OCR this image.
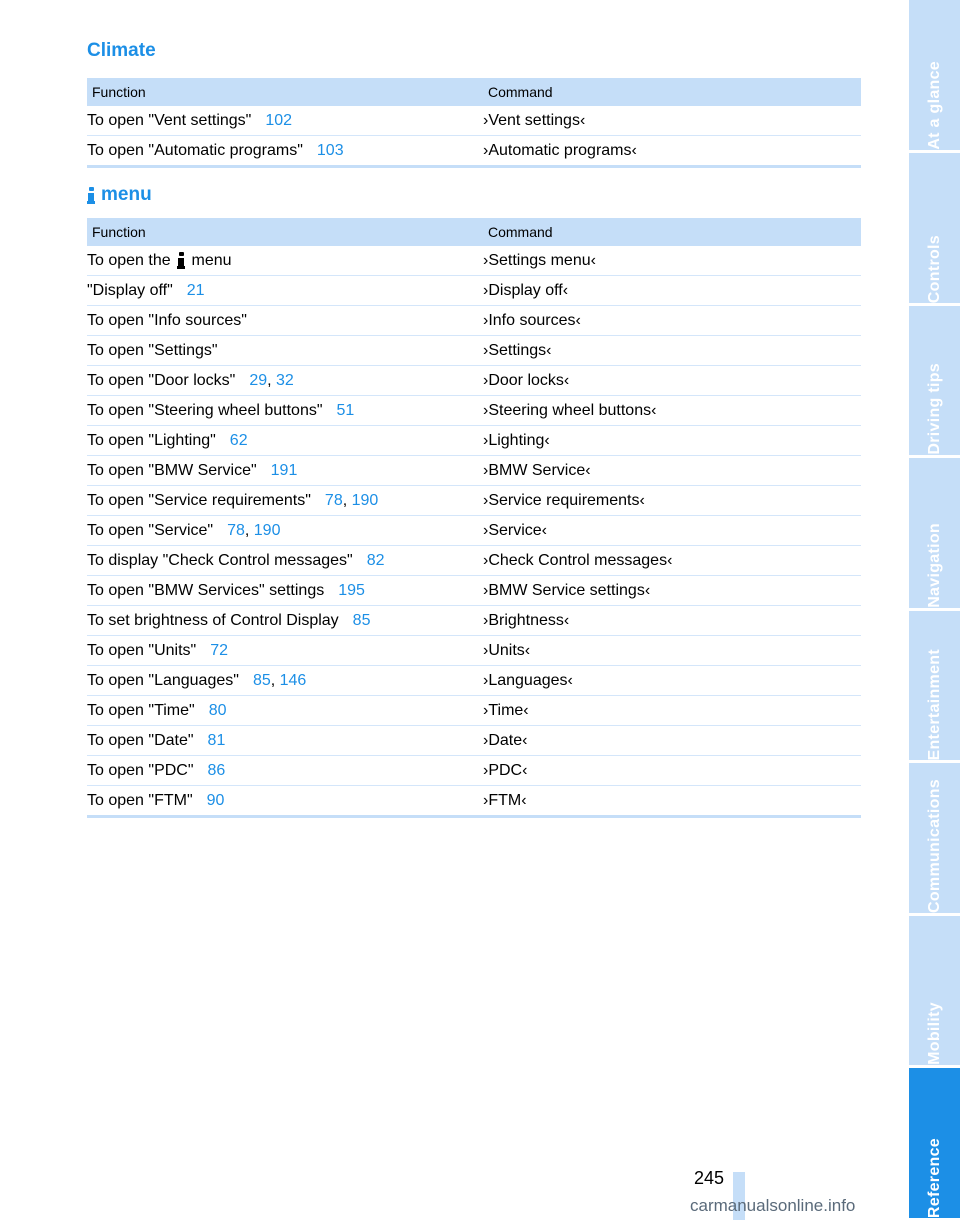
Climate
Function	Command
To open "Vent settings" 102	›Vent settings‹
To open "Automatic programs" 103	›Automatic programs‹
menu
Function	Command
To open the menu	›Settings menu‹
"Display off" 21	›Display off‹
To open "Info sources"	›Info sources‹
To open "Settings"	›Settings‹
To open "Door locks" 29, 32	›Door locks‹
To open "Steering wheel buttons" 51	›Steering wheel buttons‹
To open "Lighting" 62	›Lighting‹
To open "BMW Service" 191	›BMW Service‹
To open "Service requirements" 78, 190	›Service requirements‹
To open "Service" 78, 190	›Service‹
To display "Check Control messages" 82	›Check Control messages‹
To open "BMW Services" settings 195	›BMW Service settings‹
To set brightness of Control Display 85	›Brightness‹
To open "Units" 72	›Units‹
To open "Languages" 85, 146	›Languages‹
To open "Time" 80	›Time‹
To open "Date" 81	›Date‹
To open "PDC" 86	›PDC‹
To open "FTM" 90	›FTM‹
At a glance
Controls
Driving tips
Navigation
Entertainment
Communications
Mobility
Reference
245
carmanualsonline.info
